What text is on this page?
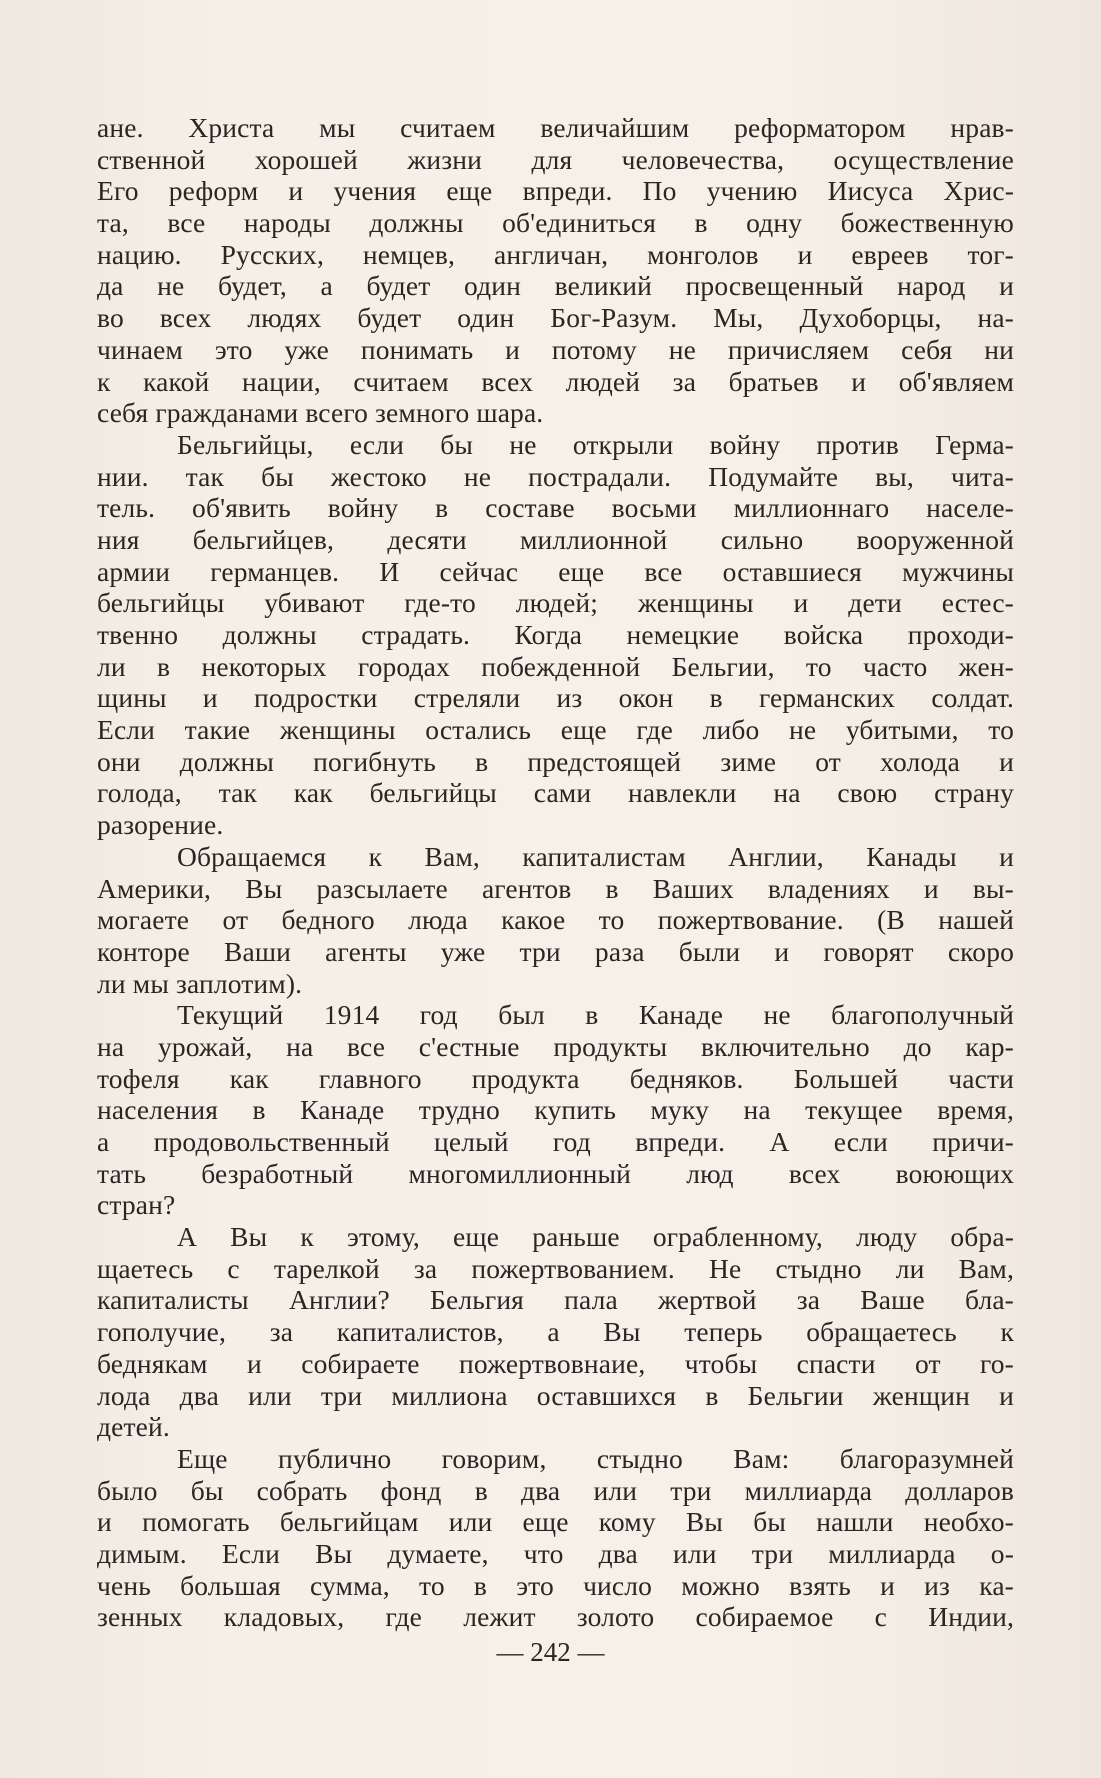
ане. Христа мы считаем величайшим реформатором нрав-
ственной хорошей жизни для человечества, осуществление
Его реформ и учения еще впреди. По учению Иисуса Хрис-
та, все народы должны об'единиться в одну божественную
нацию. Русских, немцев, англичан, монголов и евреев тог-
да не будет, а будет один великий просвещенный народ и
во всех людях будет один Бог-Разум. Мы, Духоборцы, на-
чинаем это уже понимать и потому не причисляем себя ни
к какой нации, считаем всех людей за братьев и об'являем
себя гражданами всего земного шара.
Бельгийцы, если бы не открыли войну против Герма-
нии. так бы жестоко не пострадали. Подумайте вы, чита-
тель. об'явить войну в составе восьми миллионнаго населе-
ния бельгийцев, десяти миллионной сильно вооруженной
армии германцев. И сейчас еще все оставшиеся мужчины
бельгийцы убивают где-то людей; женщины и дети естес-
твенно должны страдать. Когда немецкие войска проходи-
ли в некоторых городах побежденной Бельгии, то часто жен-
щины и подростки стреляли из окон в германских солдат.
Если такие женщины остались еще где либо не убитыми, то
они должны погибнуть в предстоящей зиме от холода и
голода, так как бельгийцы сами навлекли на свою страну
разорение.
Обращаемся к Вам, капиталистам Англии, Канады и
Америки, Вы разсылаете агентов в Ваших владениях и вы-
могаете от бедного люда какое то пожертвование. (В нашей
конторе Ваши агенты уже три раза были и говорят скоро
ли мы заплотим).
Текущий 1914 год был в Канаде не благополучный
на урожай, на все с'естные продукты включительно до кар-
тофеля как главного продукта бедняков. Большей части
населения в Канаде трудно купить муку на текущее время,
а продовольственный целый год впреди. А если причи-
тать безработный многомиллионный люд всех воюющих
стран?
А Вы к этому, еще раньше ограбленному, люду обра-
щаетесь с тарелкой за пожертвованием. Не стыдно ли Вам,
капиталисты Англии? Бельгия пала жертвой за Ваше бла-
гополучие, за капиталистов, а Вы теперь обращаетесь к
беднякам и собираете пожертвовнаие, чтобы спасти от го-
лода два или три миллиона оставшихся в Бельгии женщин и
детей.
Еще публично говорим, стыдно Вам: благоразумней
было бы собрать фонд в два или три миллиарда долларов
и помогать бельгийцам или еще кому Вы бы нашли необхо-
димым. Если Вы думаете, что два или три миллиарда о-
чень большая сумма, то в это число можно взять и из ка-
зенных кладовых, где лежит золото собираемое с Индии,
— 242 —
